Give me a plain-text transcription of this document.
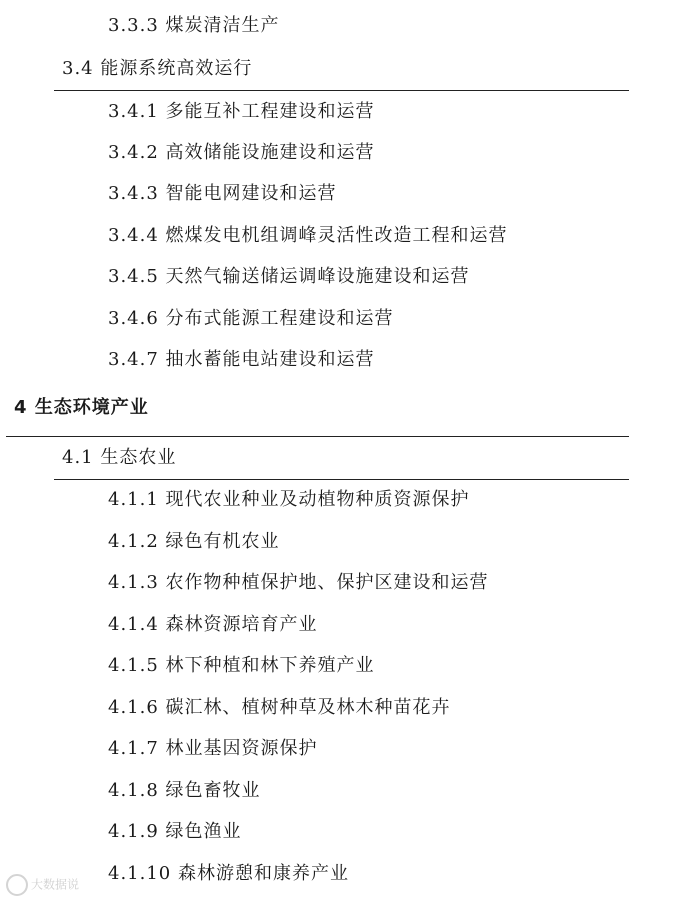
3.3.3 煤炭清洁生产
3.4 能源系统高效运行
3.4.1 多能互补工程建设和运营
3.4.2 高效储能设施建设和运营
3.4.3 智能电网建设和运营
3.4.4 燃煤发电机组调峰灵活性改造工程和运营
3.4.5 天然气输送储运调峰设施建设和运营
3.4.6 分布式能源工程建设和运营
3.4.7 抽水蓄能电站建设和运营
4 生态环境产业
4.1 生态农业
4.1.1 现代农业种业及动植物种质资源保护
4.1.2 绿色有机农业
4.1.3 农作物种植保护地、保护区建设和运营
4.1.4 森林资源培育产业
4.1.5 林下种植和林下养殖产业
4.1.6 碳汇林、植树种草及林木种苗花卉
4.1.7 林业基因资源保护
4.1.8 绿色畜牧业
4.1.9 绿色渔业
4.1.10 森林游憩和康养产业
大数据说
